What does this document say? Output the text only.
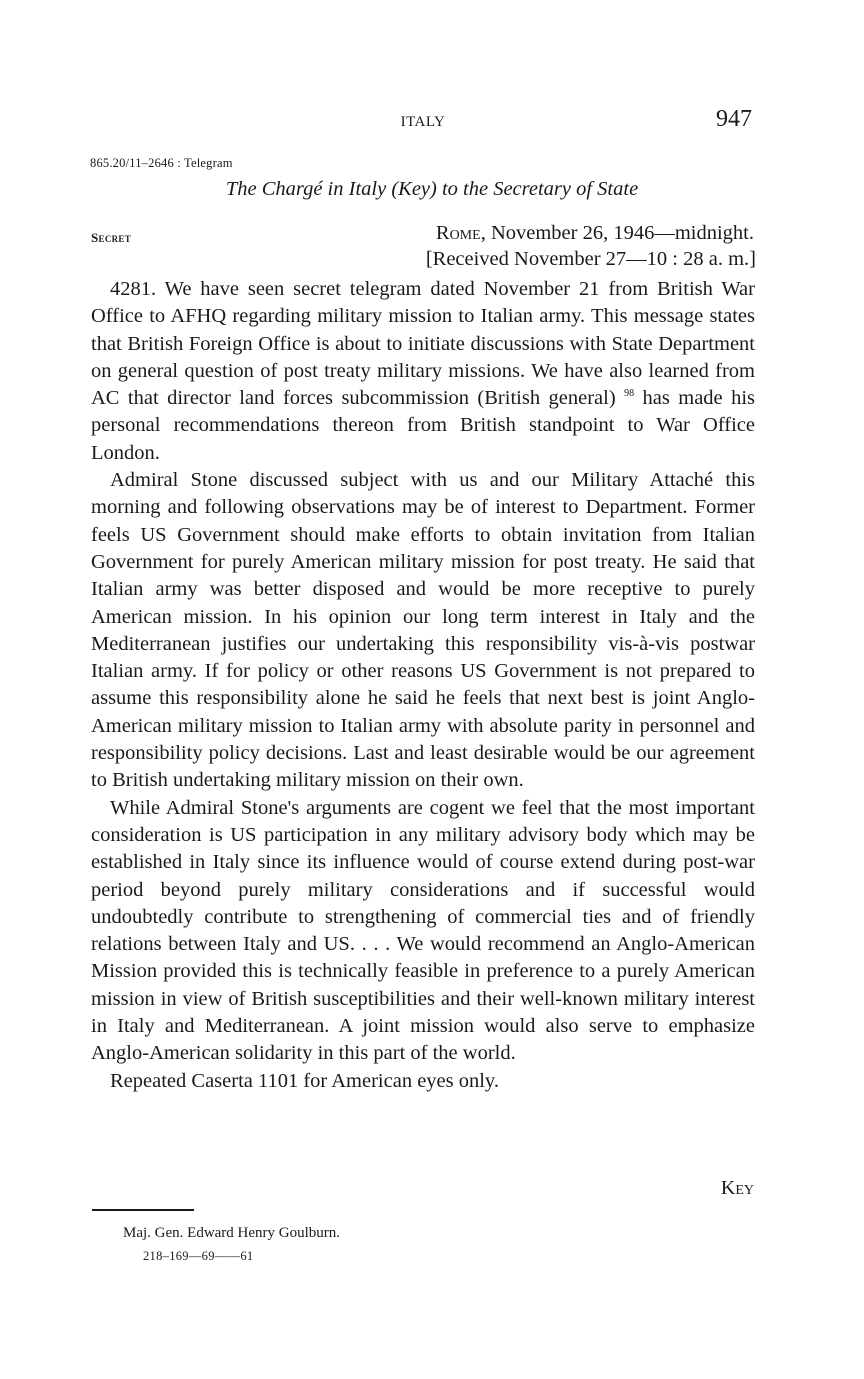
ITALY	947
865.20/11–2646 : Telegram
The Chargé in Italy (Key) to the Secretary of State
Secret	Rome, November 26, 1946—midnight.
[Received November 27—10 : 28 a. m.]

4281. We have seen secret telegram dated November 21 from British War Office to AFHQ regarding military mission to Italian army. This message states that British Foreign Office is about to initiate discussions with State Department on general question of post treaty military missions. We have also learned from AC that director land forces subcommission (British general) $^{98}$ has made his personal recommendations thereon from British standpoint to War Office London.

Admiral Stone discussed subject with us and our Military Attaché this morning and following observations may be of interest to Department. Former feels US Government should make efforts to obtain invitation from Italian Government for purely American military mission for post treaty. He said that Italian army was better disposed and would be more receptive to purely American mission. In his opinion our long term interest in Italy and the Mediterranean justifies our undertaking this responsibility vis-à-vis postwar Italian army. If for policy or other reasons US Government is not prepared to assume this responsibility alone he said he feels that next best is joint Anglo-American military mission to Italian army with absolute parity in personnel and responsibility policy decisions. Last and least desirable would be our agreement to British undertaking military mission on their own.

While Admiral Stone's arguments are cogent we feel that the most important consideration is US participation in any military advisory body which may be established in Italy since its influence would of course extend during post-war period beyond purely military considerations and if successful would undoubtedly contribute to strengthening of commercial ties and of friendly relations between Italy and US. . . . We would recommend an Anglo-American Mission provided this is technically feasible in preference to a purely American mission in view of British susceptibilities and their well-known military interest in Italy and Mediterranean. A joint mission would also serve to emphasize Anglo-American solidarity in this part of the world.

Repeated Caserta 1101 for American eyes only.

Key
Maj. Gen. Edward Henry Goulburn.
218–169—69——61
